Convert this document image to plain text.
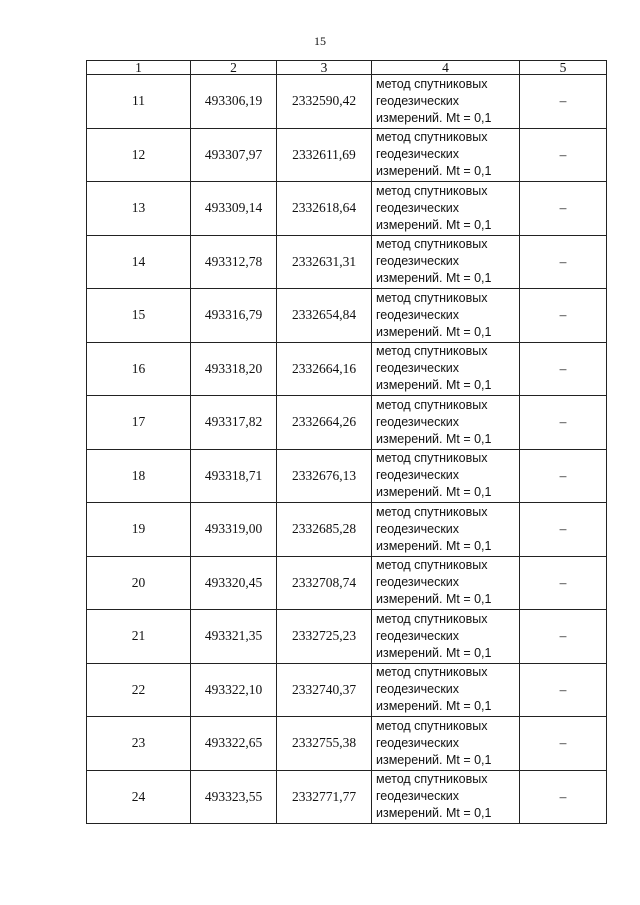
15
1	2	3	4	5
11	493306,19	2332590,42	метод спутниковых
геодезических
измерений. Mt = 0,1	–
12	493307,97	2332611,69	метод спутниковых
геодезических
измерений. Mt = 0,1	–
13	493309,14	2332618,64	метод спутниковых
геодезических
измерений. Mt = 0,1	–
14	493312,78	2332631,31	метод спутниковых
геодезических
измерений. Mt = 0,1	–
15	493316,79	2332654,84	метод спутниковых
геодезических
измерений. Mt = 0,1	–
16	493318,20	2332664,16	метод спутниковых
геодезических
измерений. Mt = 0,1	–
17	493317,82	2332664,26	метод спутниковых
геодезических
измерений. Mt = 0,1	–
18	493318,71	2332676,13	метод спутниковых
геодезических
измерений. Mt = 0,1	–
19	493319,00	2332685,28	метод спутниковых
геодезических
измерений. Mt = 0,1	–
20	493320,45	2332708,74	метод спутниковых
геодезических
измерений. Mt = 0,1	–
21	493321,35	2332725,23	метод спутниковых
геодезических
измерений. Mt = 0,1	–
22	493322,10	2332740,37	метод спутниковых
геодезических
измерений. Mt = 0,1	–
23	493322,65	2332755,38	метод спутниковых
геодезических
измерений. Mt = 0,1	–
24	493323,55	2332771,77	метод спутниковых
геодезических
измерений. Mt = 0,1	–
